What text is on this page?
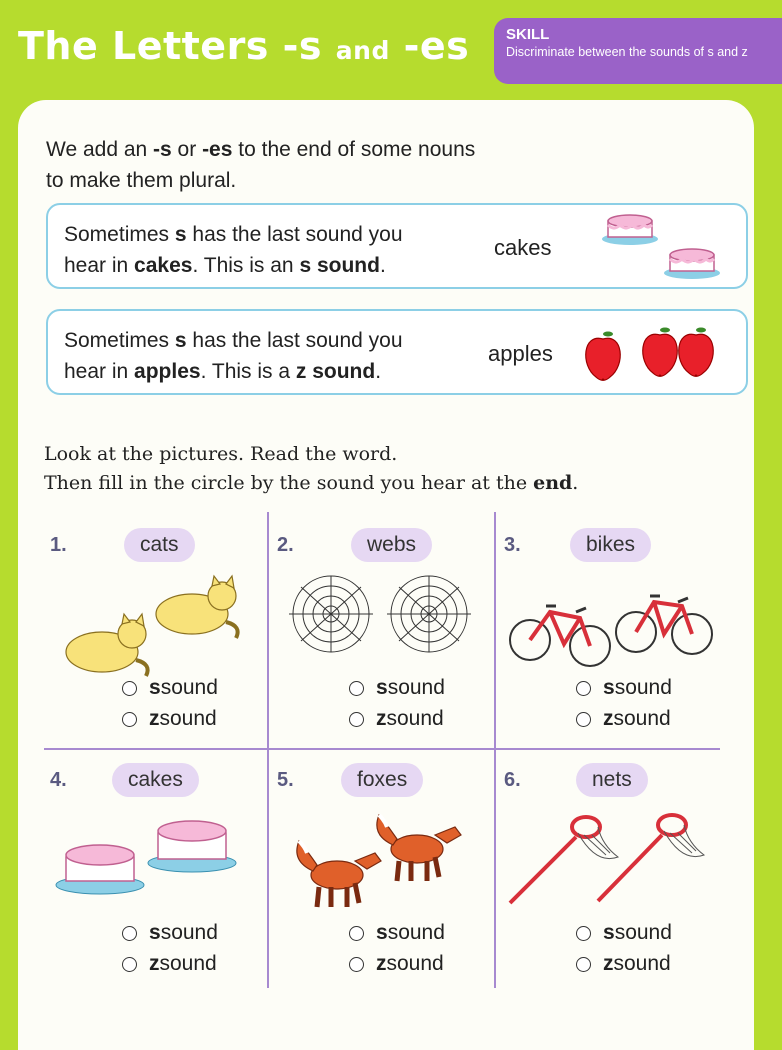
The Letters -s and -es SKILL
Discriminate between the sounds of s and z
We add an -s or -es to the end of some nouns
to make them plural.
Sometimes s has the last sound you
hear in cakes. This is an s sound.
cakes
Sometimes s has the last sound you
hear in apples. This is a z sound.
apples
Look at the pictures. Read the word.
Then fill in the circle by the sound you hear at the end.
1.	cats
s sound
z sound
2.	webs
s sound
z sound
3.	bikes
s sound
z sound
4.	cakes
s sound
z sound
5.	foxes
s sound
z sound
6.	nets
s sound
z sound
